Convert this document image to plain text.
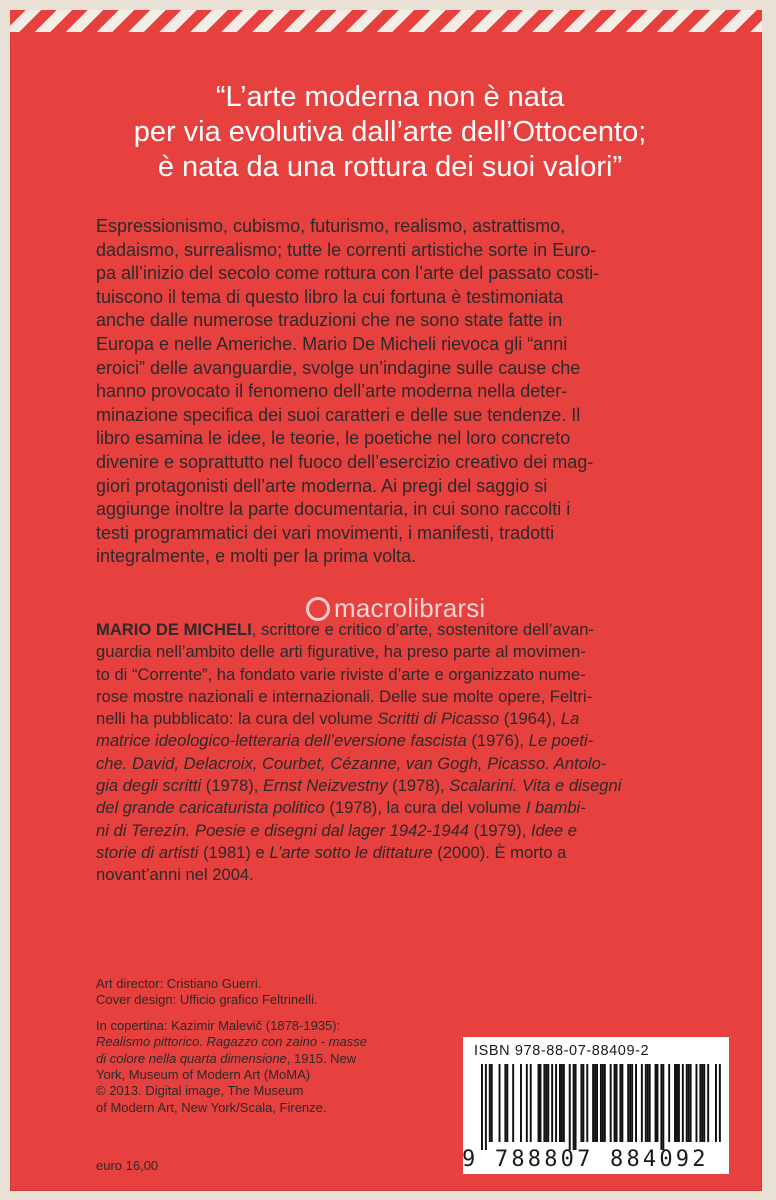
“L’arte moderna non è nata
per via evolutiva dall’arte dell’Ottocento;
è nata da una rottura dei suoi valori”
Espressionismo, cubismo, futurismo, realismo, astrattismo,
dadaismo, surrealismo; tutte le correnti artistiche sorte in Euro-
pa all’inizio del secolo come rottura con l’arte del passato costi-
tuiscono il tema di questo libro la cui fortuna è testimoniata
anche dalle numerose traduzioni che ne sono state fatte in
Europa e nelle Americhe. Mario De Micheli rievoca gli “anni
eroici” delle avanguardie, svolge un’indagine sulle cause che
hanno provocato il fenomeno dell’arte moderna nella deter-
minazione specifica dei suoi caratteri e delle sue tendenze. Il
libro esamina le idee, le teorie, le poetiche nel loro concreto
divenire e soprattutto nel fuoco dell’esercizio creativo dei mag-
giori protagonisti dell’arte moderna. Ai pregi del saggio si
aggiunge inoltre la parte documentaria, in cui sono raccolti i
testi programmatici dei vari movimenti, i manifesti, tradotti
integralmente, e molti per la prima volta.
macrolibrarsi
MARIO DE MICHELI, scrittore e critico d’arte, sostenitore dell’avan-
guardia nell’ambito delle arti figurative, ha preso parte al movimen-
to di “Corrente”, ha fondato varie riviste d’arte e organizzato nume-
rose mostre nazionali e internazionali. Delle sue molte opere, Feltri-
nelli ha pubblicato: la cura del volume Scritti di Picasso (1964), La
matrice ideologico-letteraria dell’eversione fascista (1976), Le poeti-
che. David, Delacroix, Courbet, Cézanne, van Gogh, Picasso. Antolo-
gia degli scritti (1978), Ernst Neizvestny (1978), Scalarini. Vita e disegni
del grande caricaturista politico (1978), la cura del volume I bambi-
ni di Terezín. Poesie e disegni dal lager 1942-1944 (1979), Idee e
storie di artisti (1981) e L’arte sotto le dittature (2000). È morto a
novant’anni nel 2004.
Art director: Cristiano Guerri.
Cover design: Ufficio grafico Feltrinelli.
In copertina: Kazimir Malevič (1878-1935):
Realismo pittorico. Ragazzo con zaino - masse
di colore nella quarta dimensione, 1915. New
York, Museum of Modern Art (MoMA)
© 2013. Digital image, The Museum
of Modern Art, New York/Scala, Firenze.
euro 16,00
ISBN 978-88-07-88409-2
9 788807 884092
